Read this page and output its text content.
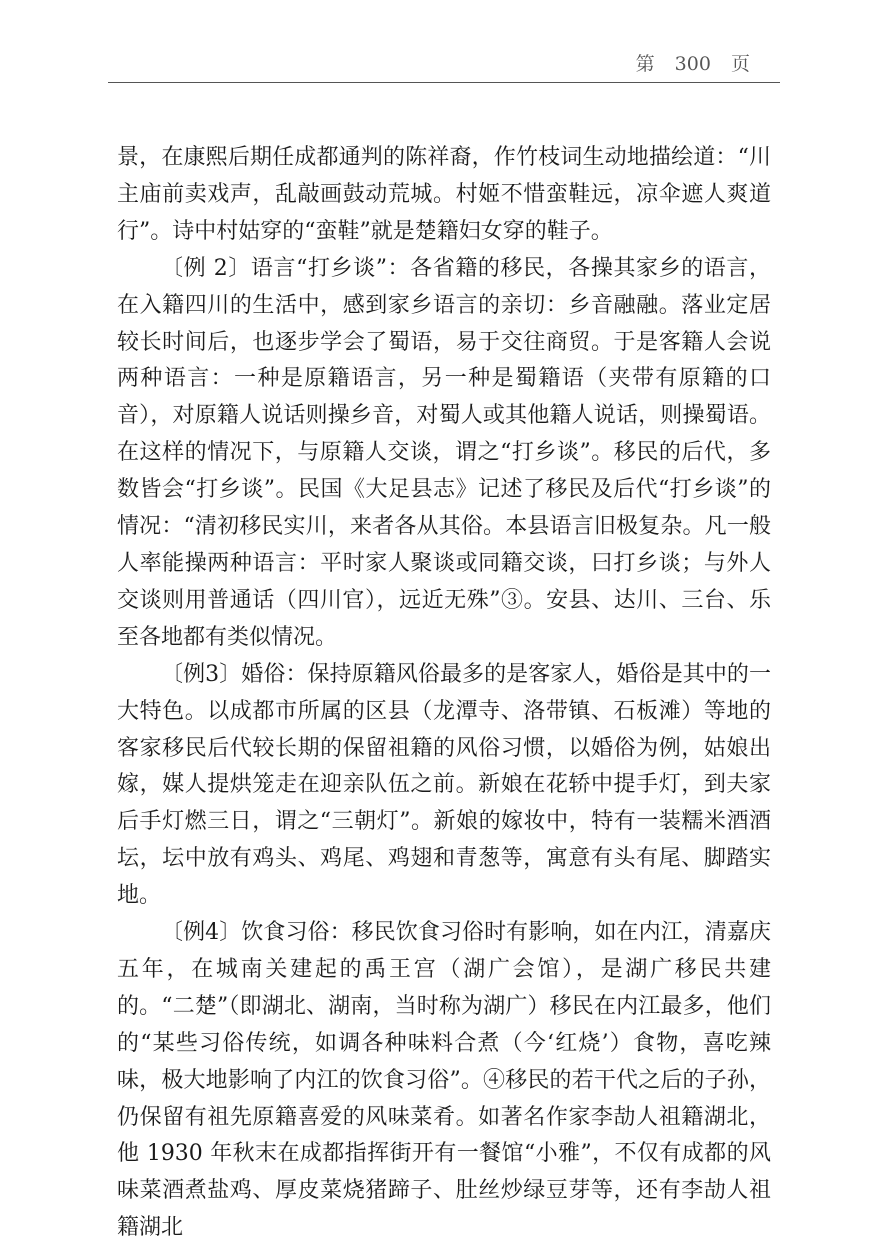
第 300 页

景，在康熙后期任成都通判的陈祥裔，作竹枝词生动地描绘道：“川主庙前卖戏声，乱敲画鼓动荒城。村姬不惜蛮鞋远，凉伞遮人爽道行”。诗中村姑穿的“蛮鞋”就是楚籍妇女穿的鞋子。

〔例 2〕语言“打乡谈”：各省籍的移民，各操其家乡的语言，在入籍四川的生活中，感到家乡语言的亲切：乡音融融。落业定居较长时间后，也逐步学会了蜀语，易于交往商贸。于是客籍人会说两种语言：一种是原籍语言，另一种是蜀籍语（夹带有原籍的口音），对原籍人说话则操乡音，对蜀人或其他籍人说话，则操蜀语。在这样的情况下，与原籍人交谈，谓之“打乡谈”。移民的后代，多数皆会“打乡谈”。民国《大足县志》记述了移民及后代“打乡谈”的情况：“清初移民实川，来者各从其俗。本县语言旧极复杂。凡一般人率能操两种语言：平时家人聚谈或同籍交谈，曰打乡谈；与外人交谈则用普通话（四川官），远近无殊”③。安县、达川、三台、乐至各地都有类似情况。

〔例3〕婚俗：保持原籍风俗最多的是客家人，婚俗是其中的一大特色。以成都市所属的区县（龙潭寺、洛带镇、石板滩）等地的客家移民后代较长期的保留祖籍的风俗习惯，以婚俗为例，姑娘出嫁，媒人提烘笼走在迎亲队伍之前。新娘在花轿中提手灯，到夫家后手灯燃三日，谓之“三朝灯”。新娘的嫁妆中，特有一装糯米酒酒坛，坛中放有鸡头、鸡尾、鸡翅和青葱等，寓意有头有尾、脚踏实地。

〔例4〕饮食习俗：移民饮食习俗时有影响，如在内江，清嘉庆五年，在城南关建起的禹王宫（湖广会馆），是湖广移民共建的。“二楚”（即湖北、湖南，当时称为湖广）移民在内江最多，他们的“某些习俗传统，如调各种味料合煮（今‘红烧’）食物，喜吃辣味，极大地影响了内江的饮食习俗”。④移民的若干代之后的子孙，仍保留有祖先原籍喜爱的风味菜肴。如著名作家李劼人祖籍湖北，他 1930 年秋末在成都指挥街开有一餐馆“小雅”，不仅有成都的风味菜酒煮盐鸡、厚皮菜烧猪蹄子、肚丝炒绿豆芽等，还有李劼人祖籍湖北
